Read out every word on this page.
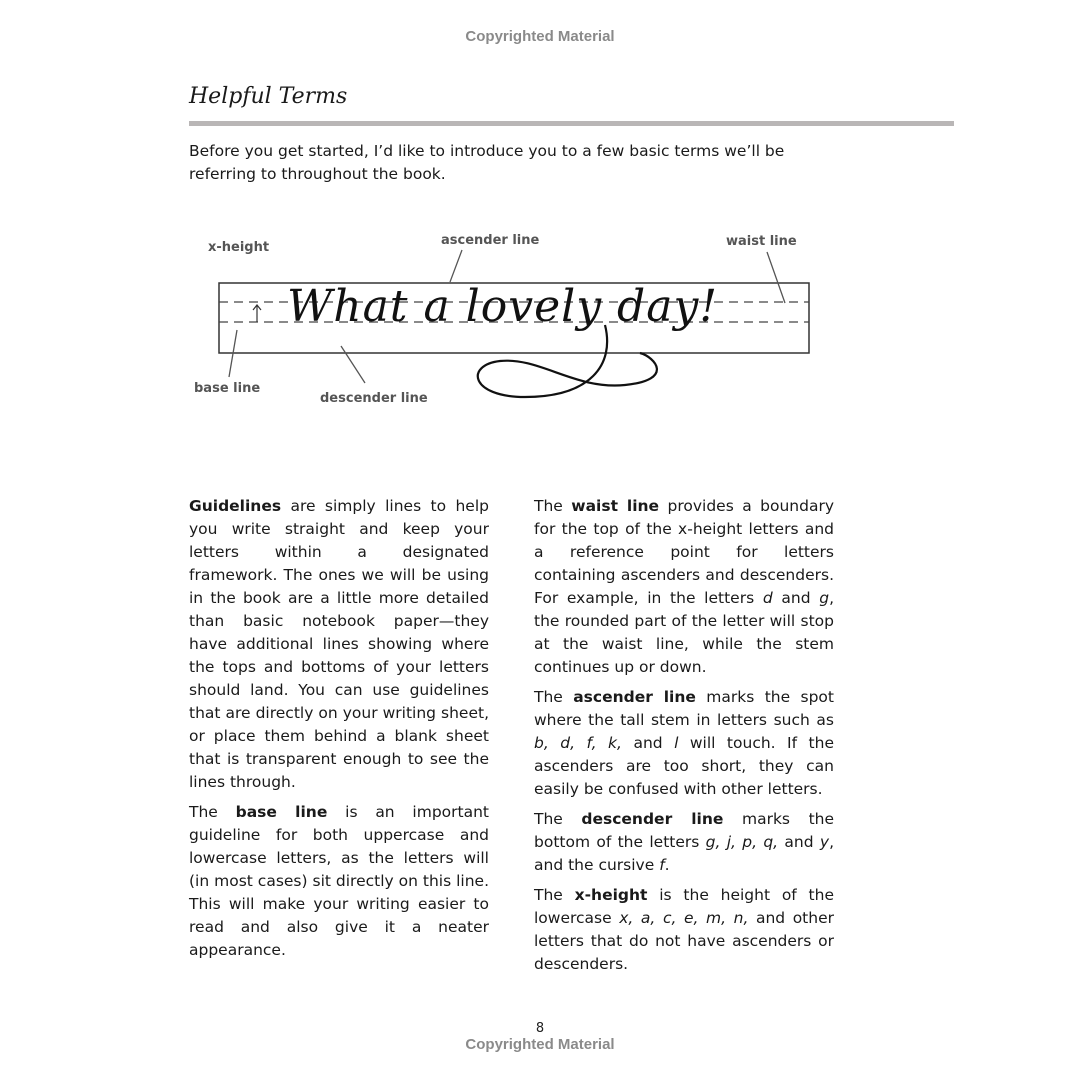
Copyrighted Material
Helpful Terms

Before you get started, I’d like to introduce you to a few basic terms we’ll be referring to throughout the book.

What a lovely day!
x-height	ascender line	waist line
base line
descender line

Guidelines are simply lines to help you write straight and keep your letters within a designated framework. The ones we will be using in the book are a little more detailed than basic notebook paper—they have additional lines showing where the tops and bottoms of your letters should land. You can use guidelines that are directly on your writing sheet, or place them behind a blank sheet that is transparent enough to see the lines through.

The base line is an important guideline for both uppercase and lowercase letters, as the letters will (in most cases) sit directly on this line. This will make your writing easier to read and also give it a neater appearance.

The waist line provides a boundary for the top of the x-height letters and a reference point for letters containing ascenders and descenders. For example, in the letters d and g, the rounded part of the letter will stop at the waist line, while the stem continues up or down.

The ascender line marks the spot where the tall stem in letters such as b, d, f, k, and l will touch. If the ascenders are too short, they can easily be confused with other letters.

The descender line marks the bottom of the letters g, j, p, q, and y, and the cursive f.

The x-height is the height of the lowercase x, a, c, e, m, n, and other letters that do not have ascenders or descenders.

8
Copyrighted Material
